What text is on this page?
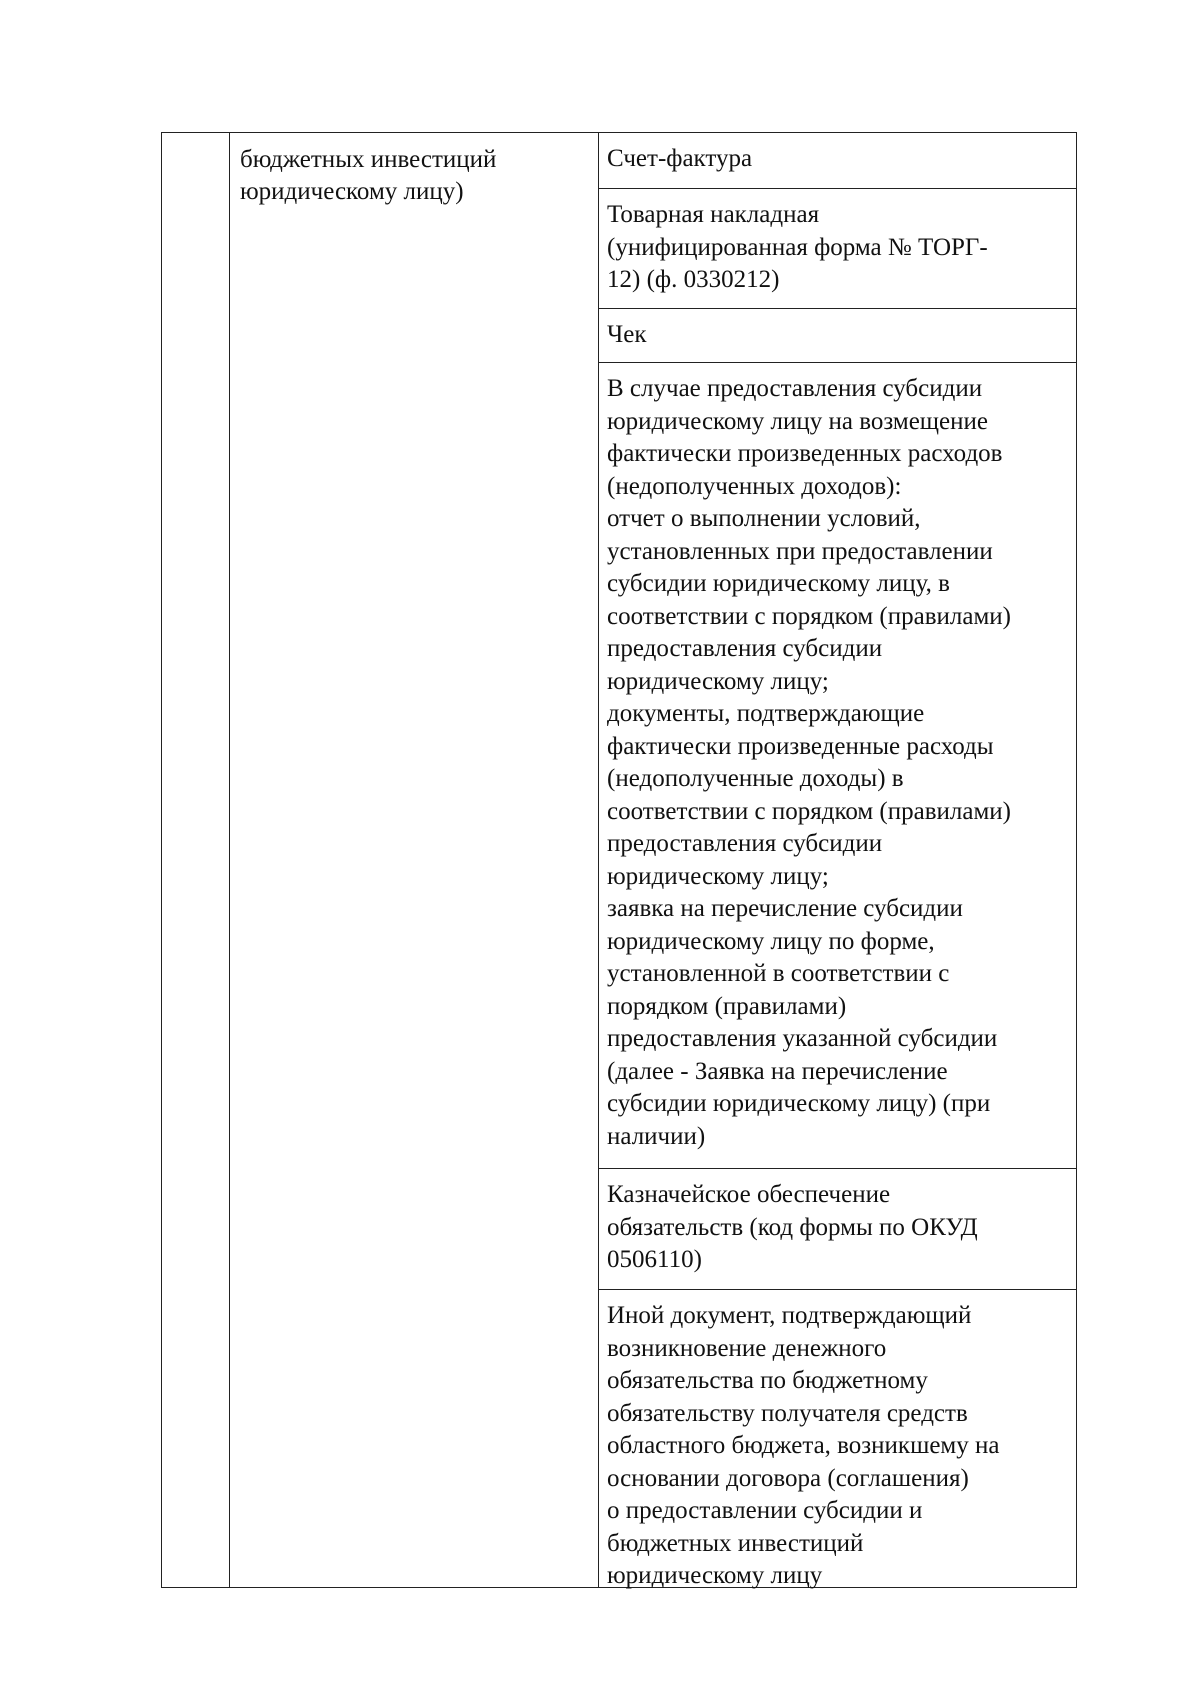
бюджетных инвестиций
юридическому лицу)
Счет-фактура
Товарная накладная
(унифицированная форма № ТОРГ-
12) (ф. 0330212)
Чек
В случае предоставления субсидии
юридическому лицу на возмещение
фактически произведенных расходов
(недополученных доходов):
отчет о выполнении условий,
установленных при предоставлении
субсидии юридическому лицу, в
соответствии с порядком (правилами)
предоставления субсидии
юридическому лицу;
документы, подтверждающие
фактически произведенные расходы
(недополученные доходы) в
соответствии с порядком (правилами)
предоставления субсидии
юридическому лицу;
заявка на перечисление субсидии
юридическому лицу по форме,
установленной в соответствии с
порядком (правилами)
предоставления указанной субсидии
(далее - Заявка на перечисление
субсидии юридическому лицу) (при
наличии)
Казначейское обеспечение
обязательств (код формы по ОКУД
0506110)
Иной документ, подтверждающий
возникновение денежного
обязательства по бюджетному
обязательству получателя средств
областного бюджета, возникшему на
основании договора (соглашения)
о предоставлении субсидии и
бюджетных инвестиций
юридическому лицу
